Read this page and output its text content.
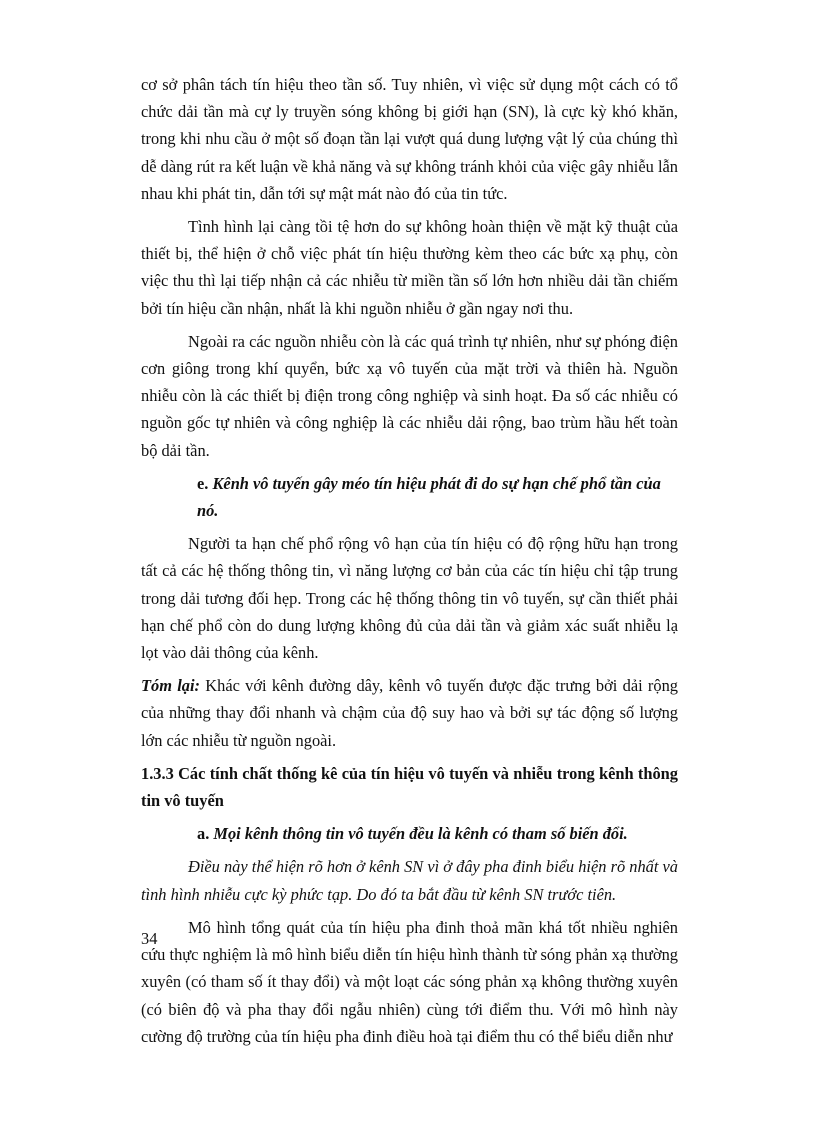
cơ sở phân tách tín hiệu theo tần số. Tuy nhiên, vì việc sử dụng một cách có tổ chức dải tần mà cự ly truyền sóng không bị giới hạn (SN), là cực kỳ khó khăn, trong khi nhu cầu ở một số đoạn tần lại vượt quá dung lượng vật lý của chúng thì dễ dàng rút ra kết luận về khả năng và sự không tránh khỏi của việc gây nhiễu lẫn nhau khi phát tin, dẫn tới sự mật mát nào đó của tin tức.

Tình hình lại càng tồi tệ hơn do sự không hoàn thiện về mặt kỹ thuật của thiết bị, thể hiện ở chỗ việc phát tín hiệu thường kèm theo các bức xạ phụ, còn việc thu thì lại tiếp nhận cả các nhiễu từ miền tần số lớn hơn nhiều dải tần chiếm bởi tín hiệu cần nhận, nhất là khi nguồn nhiễu ở gần ngay nơi thu.

Ngoài ra các nguồn nhiễu còn là các quá trình tự nhiên, như sự phóng điện cơn giông trong khí quyển, bức xạ vô tuyến của mặt trời và thiên hà. Nguồn nhiễu còn là các thiết bị điện trong công nghiệp và sinh hoạt. Đa số các nhiễu có nguồn gốc tự nhiên và công nghiệp là các nhiễu dải rộng, bao trùm hầu hết toàn bộ dải tần.

e. Kênh vô tuyến gây méo tín hiệu phát đi do sự hạn chế phổ tần của nó.

Người ta hạn chế phổ rộng vô hạn của tín hiệu có độ rộng hữu hạn trong tất cả các hệ thống thông tin, vì năng lượng cơ bản của các tín hiệu chỉ tập trung trong dải tương đối hẹp. Trong các hệ thống thông tin vô tuyến, sự cần thiết phải hạn chế phổ còn do dung lượng không đủ của dải tần và giảm xác suất nhiễu lạ lọt vào dải thông của kênh.

Tóm lại: Khác với kênh đường dây, kênh vô tuyến được đặc trưng bởi dải rộng của những thay đổi nhanh và chậm của độ suy hao và bởi sự tác động số lượng lớn các nhiễu từ nguồn ngoài.

1.3.3 Các tính chất thống kê của tín hiệu vô tuyến và nhiễu trong kênh thông tin vô tuyến

a. Mọi kênh thông tin vô tuyến đều là kênh có tham số biến đổi.

Điều này thể hiện rõ hơn ở kênh SN vì ở đây pha đinh biểu hiện rõ nhất và tình hình nhiễu cực kỳ phức tạp. Do đó ta bắt đầu từ kênh SN trước tiên.

Mô hình tổng quát của tín hiệu pha đinh thoả mãn khá tốt nhiều nghiên cứu thực nghiệm là mô hình biểu diễn tín hiệu hình thành từ sóng phản xạ thường xuyên (có tham số ít thay đổi) và một loạt các sóng phản xạ không thường xuyên (có biên độ và pha thay đổi ngẫu nhiên) cùng tới điểm thu. Với mô hình này cường độ trường của tín hiệu pha đinh điều hoà tại điểm thu có thể biểu diễn như

34
